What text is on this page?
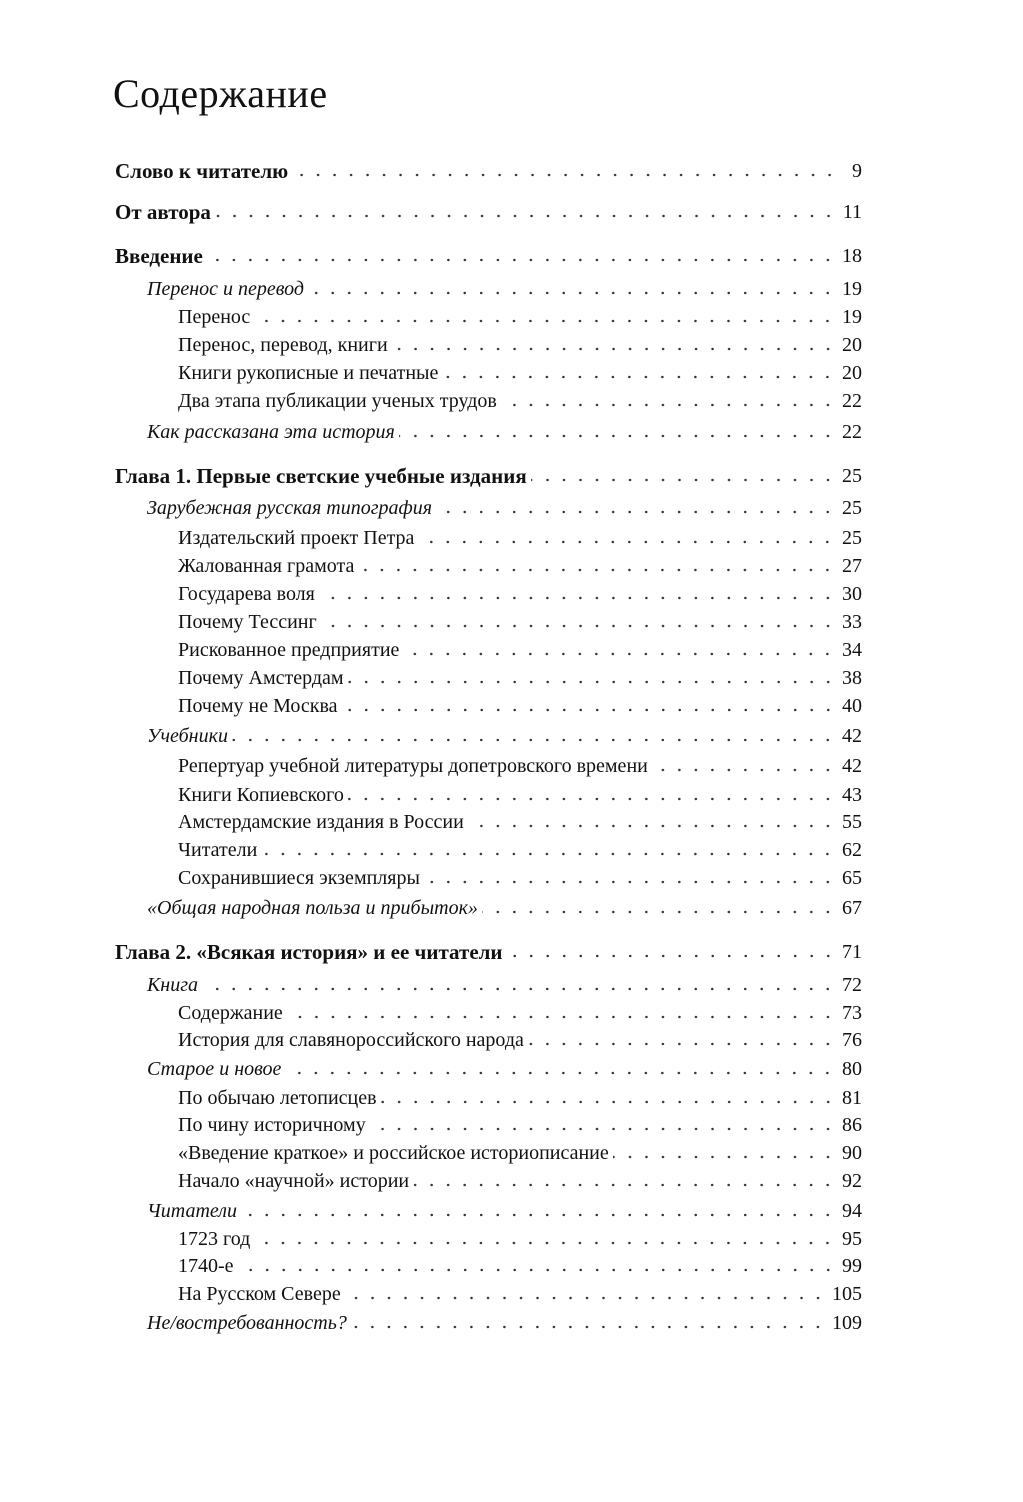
Содержание
Слово к читателю	9
От автора	11
Введение	18
Перенос и перевод	19
Перенос	19
Перенос, перевод, книги	20
Книги рукописные и печатные	20
Два этапа публикации ученых трудов	22
Как рассказана эта история	22
Глава 1. Первые светские учебные издания	25
Зарубежная русская типография	25
Издательский проект Петра	25
Жалованная грамота	27
Государева воля	30
Почему Тессинг	33
Рискованное предприятие	34
Почему Амстердам	38
Почему не Москва	40
Учебники	42
Репертуар учебной литературы допетровского времени	42
Книги Копиевского	43
Амстердамские издания в России	55
Читатели	62
Сохранившиеся экземпляры	65
«Общая народная польза и прибыток»	67
Глава 2. «Всякая история» и ее читатели	71
Книга	72
Содержание	73
История для славянороссийского народа	76
Старое и новое	80
По обычаю летописцев	81
По чину историчному	86
«Введение краткое» и российское историописание	90
Начало «научной» истории	92
Читатели	94
1723 год	95
1740-е	99
На Русском Севере	105
Не/востребованность?	109
